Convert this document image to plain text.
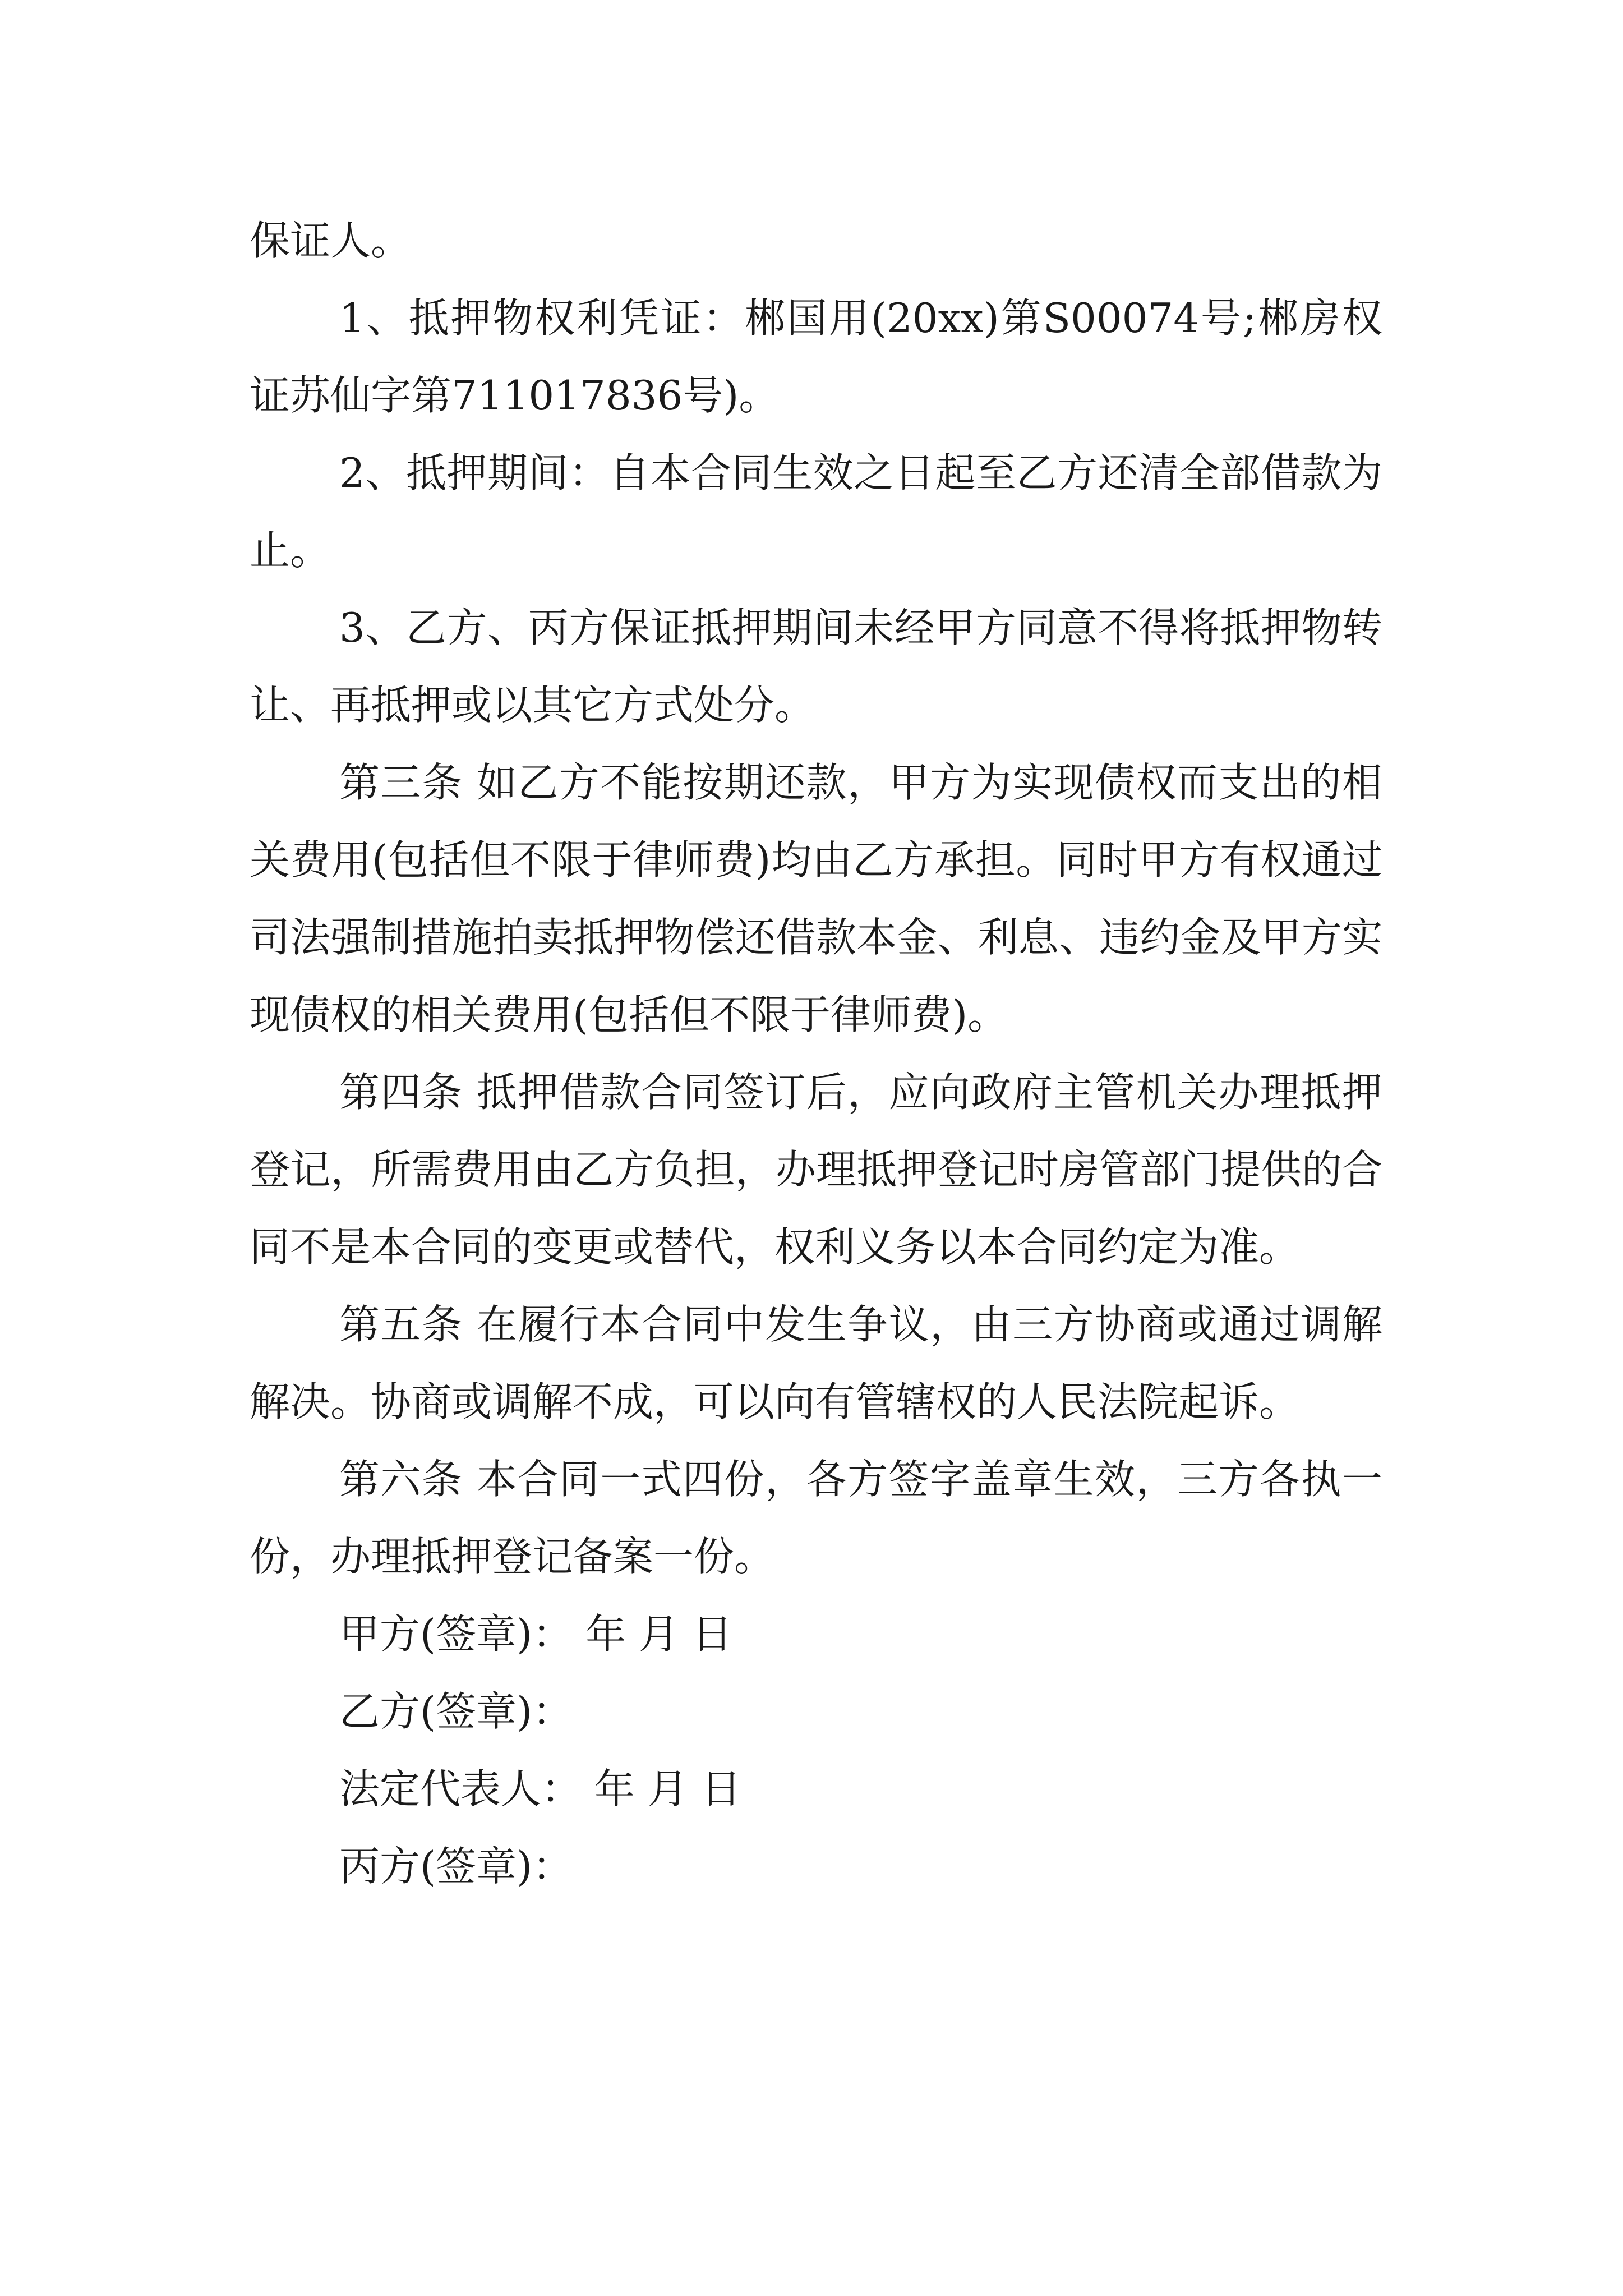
保证人。

1、抵押物权利凭证：郴国用(20xx)第S00074号;郴房权证苏仙字第711017836号)。

2、抵押期间：自本合同生效之日起至乙方还清全部借款为止。

3、乙方、丙方保证抵押期间未经甲方同意不得将抵押物转让、再抵押或以其它方式处分。

第三条 如乙方不能按期还款，甲方为实现债权而支出的相关费用(包括但不限于律师费)均由乙方承担。同时甲方有权通过司法强制措施拍卖抵押物偿还借款本金、利息、违约金及甲方实现债权的相关费用(包括但不限于律师费)。

第四条 抵押借款合同签订后，应向政府主管机关办理抵押登记，所需费用由乙方负担，办理抵押登记时房管部门提供的合同不是本合同的变更或替代，权利义务以本合同约定为准。

第五条 在履行本合同中发生争议，由三方协商或通过调解解决。协商或调解不成，可以向有管辖权的人民法院起诉。

第六条 本合同一式四份，各方签字盖章生效，三方各执一份，办理抵押登记备案一份。

甲方(签章)： 年 月 日

乙方(签章)：

法定代表人： 年 月 日

丙方(签章)：
